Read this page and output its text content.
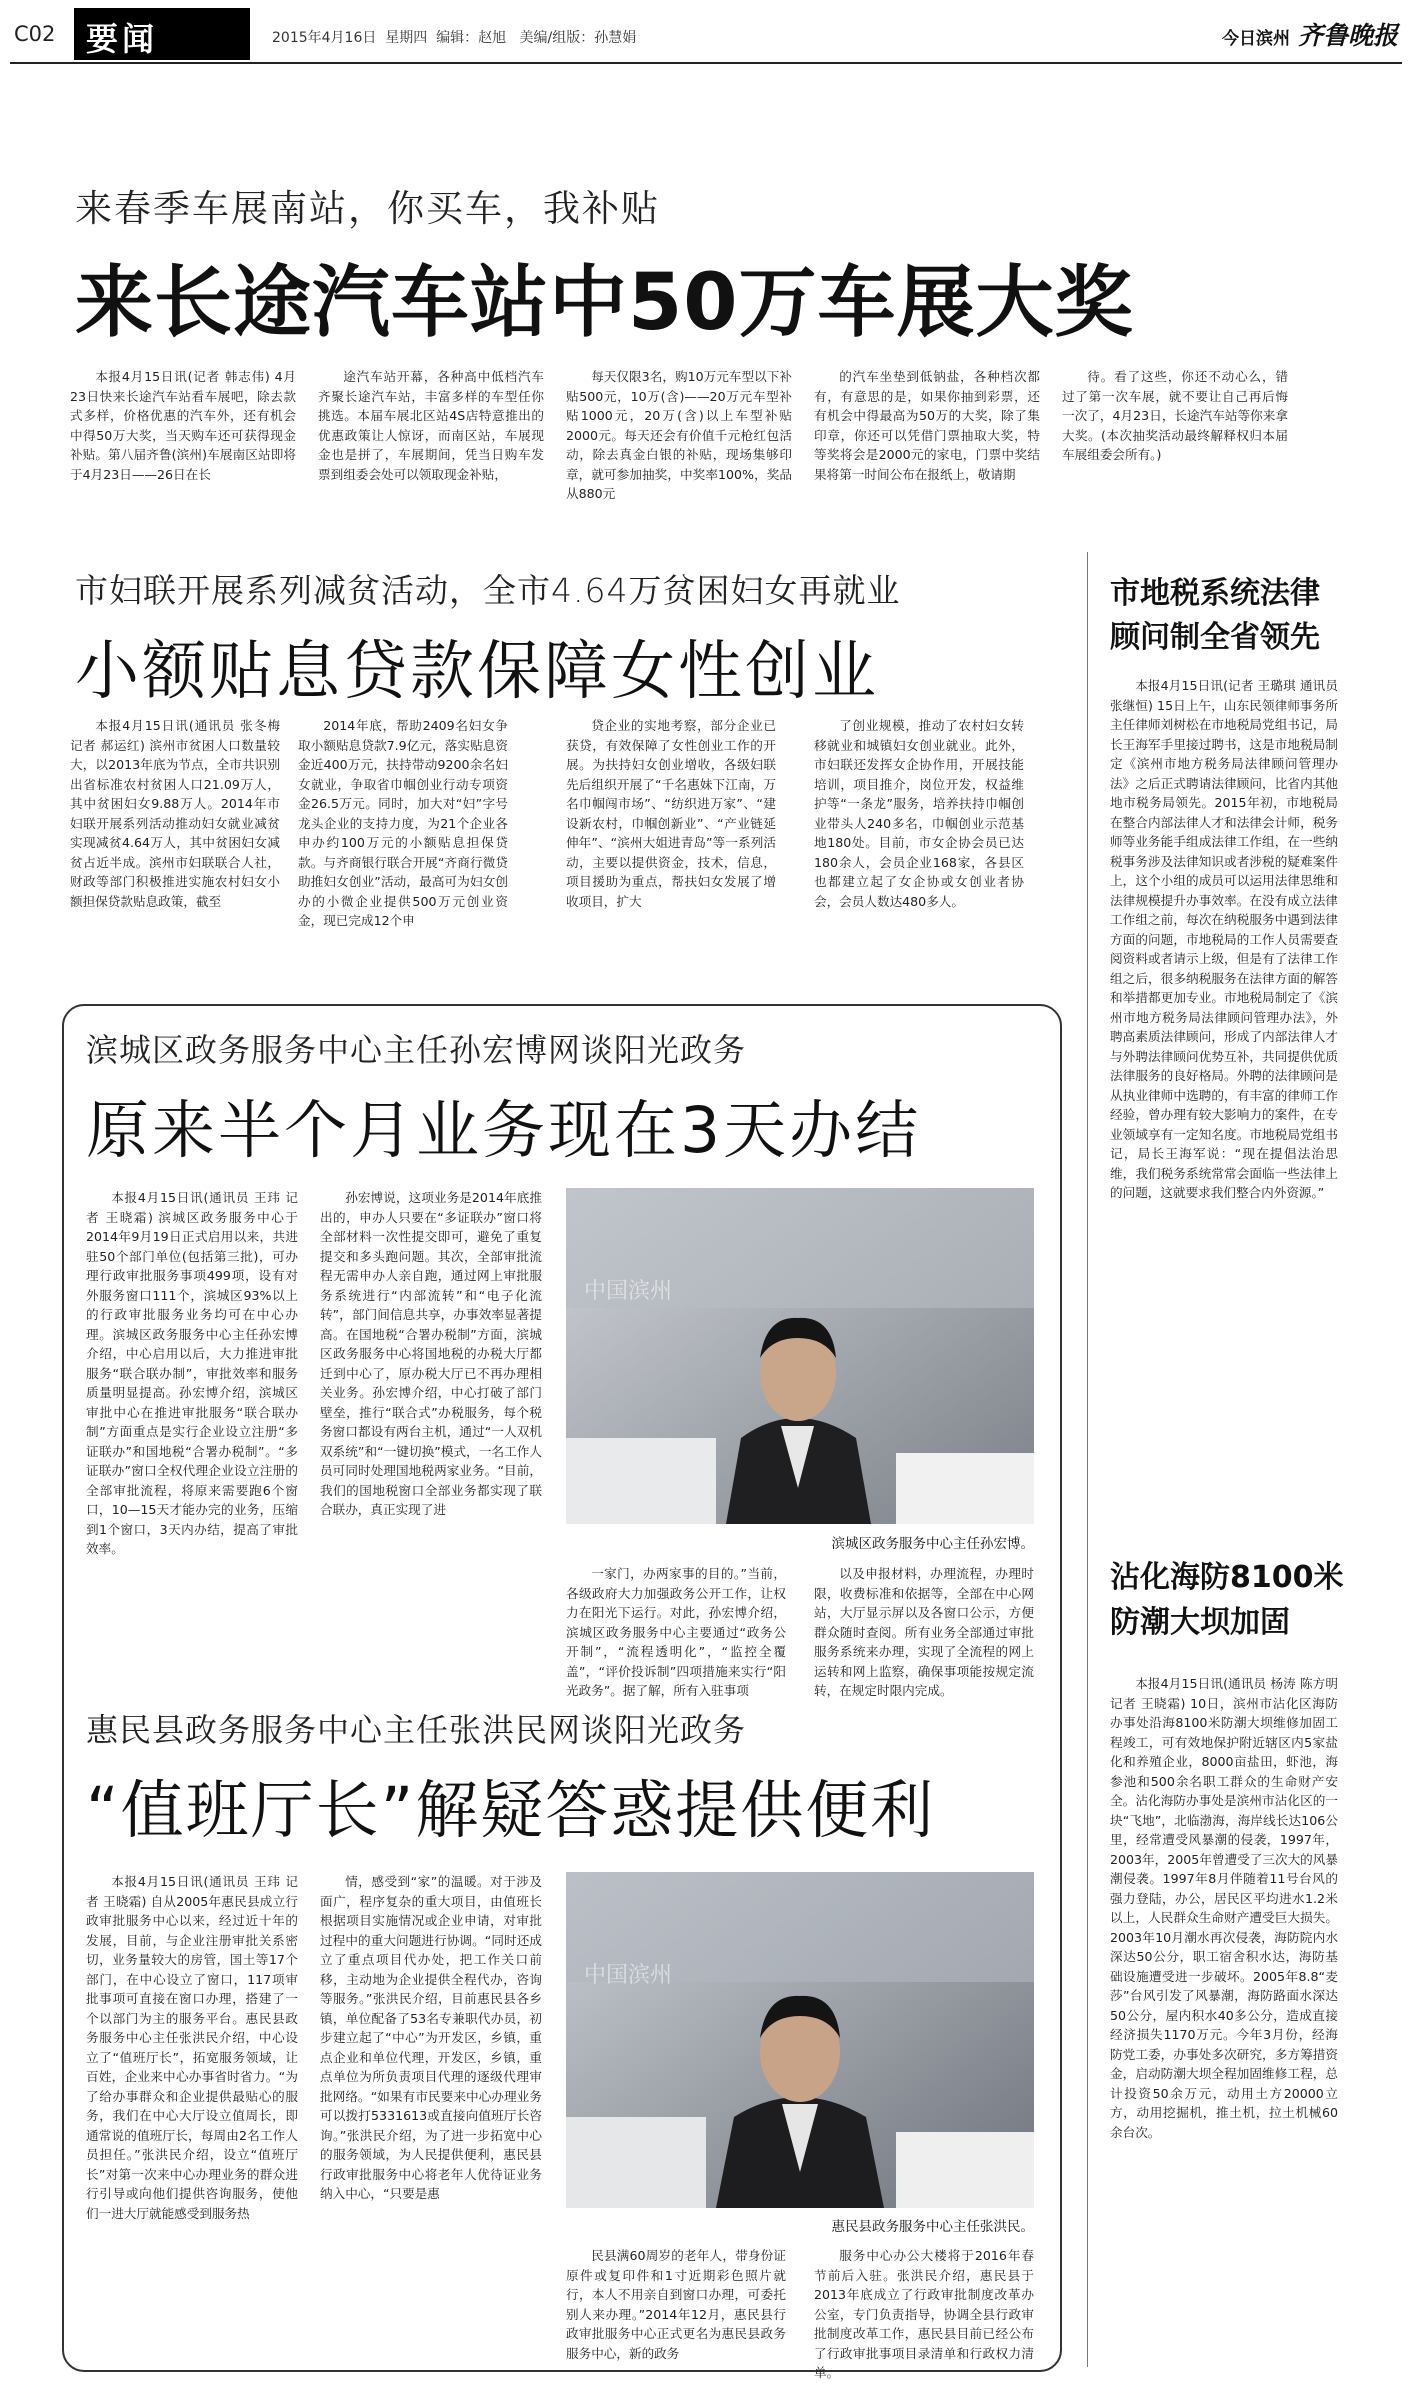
C02 要闻	2015年4月16日 星期四 编辑：赵旭 美编/组版：孙慧娟	今日滨州 齐鲁晚报
来春季车展南站，你买车，我补贴
来长途汽车站中50万车展大奖

本报4月15日讯(记者 韩志伟) 4月23日快来长途汽车站看车展吧，除去款式多样，价格优惠的汽车外，还有机会中得50万大奖，当天购车还可获得现金补贴。第八届齐鲁(滨州)车展南区站即将于4月23日——26日在长

途汽车站开幕，各种高中低档汽车齐聚长途汽车站，丰富多样的车型任你挑选。本届车展北区站4S店特意推出的优惠政策让人惊讶，而南区站，车展现金也是拼了，车展期间，凭当日购车发票到组委会处可以领取现金补贴，

每天仅限3名，购10万元车型以下补贴500元，10万(含)——20万元车型补贴1000元，20万(含)以上车型补贴2000元。每天还会有价值千元枪红包活动，除去真金白银的补贴，现场集够印章，就可参加抽奖，中奖率100%，奖品从880元

的汽车坐垫到低钠盐，各种档次都有，有意思的是，如果你抽到彩票，还有机会中得最高为50万的大奖，除了集印章，你还可以凭借门票抽取大奖，特等奖将会是2000元的家电，门票中奖结果将第一时间公布在报纸上，敬请期

待。看了这些，你还不动心么，错过了第一次车展，就不要让自己再后悔一次了，4月23日，长途汽车站等你来拿大奖。(本次抽奖活动最终解释权归本届车展组委会所有。)

市妇联开展系列减贫活动，全市4.64万贫困妇女再就业
小额贴息贷款保障女性创业

本报4月15日讯(通讯员 张冬梅 记者 郝运红) 滨州市贫困人口数量较大，以2013年底为节点，全市共识别出省标准农村贫困人口21.09万人，其中贫困妇女9.88万人。2014年市妇联开展系列活动推动妇女就业减贫实现减贫4.64万人，其中贫困妇女减贫占近半成。滨州市妇联联合人社，财政等部门积极推进实施农村妇女小额担保贷款贴息政策，截至

2014年底，帮助2409名妇女争取小额贴息贷款7.9亿元，落实贴息资金近400万元，扶持带动9200余名妇女就业，争取省巾帼创业行动专项资金26.5万元。同时，加大对“妇”字号龙头企业的支持力度，为21个企业各申办约100万元的小额贴息担保贷款。与齐商银行联合开展“齐商行微贷助推妇女创业”活动，最高可为妇女创办的小微企业提供500万元创业资金，现已完成12个申

贷企业的实地考察，部分企业已获贷，有效保障了女性创业工作的开展。为扶持妇女创业增收，各级妇联先后组织开展了“千名惠妹下江南，万名巾帼闯市场”、“纺织进万家”、“建设新农村，巾帼创新业”、“产业链延伸年”、“滨州大姐进青岛”等一系列活动，主要以提供资金，技术，信息，项目援助为重点，帮扶妇女发展了增收项目，扩大

了创业规模，推动了农村妇女转移就业和城镇妇女创业就业。此外，市妇联还发挥女企协作用，开展技能培训，项目推介，岗位开发，权益维护等“一条龙”服务，培养扶持巾帼创业带头人240多名，巾帼创业示范基地180处。目前，市女企协会员已达180余人，会员企业168家，各县区也都建立起了女企协或女创业者协会，会员人数达480多人。

滨城区政务服务中心主任孙宏博网谈阳光政务
原来半个月业务现在3天办结

本报4月15日讯(通讯员 王玮 记者 王晓霜) 滨城区政务服务中心于2014年9月19日正式启用以来，共进驻50个部门单位(包括第三批)，可办理行政审批服务事项499项，设有对外服务窗口111个，滨城区93%以上的行政审批服务业务均可在中心办理。滨城区政务服务中心主任孙宏博介绍，中心启用以后，大力推进审批服务“联合联办制”，审批效率和服务质量明显提高。孙宏博介绍，滨城区审批中心在推进审批服务“联合联办制”方面重点是实行企业设立注册“多证联办”和国地税“合署办税制”。“多证联办”窗口全权代理企业设立注册的全部审批流程，将原来需要跑6个窗口，10—15天才能办完的业务，压缩到1个窗口，3天内办结，提高了审批效率。

孙宏博说，这项业务是2014年底推出的，申办人只要在“多证联办”窗口将全部材料一次性提交即可，避免了重复提交和多头跑问题。其次，全部审批流程无需申办人亲自跑，通过网上审批服务系统进行“内部流转”和“电子化流转”，部门间信息共享，办事效率显著提高。在国地税“合署办税制”方面，滨城区政务服务中心将国地税的办税大厅都迁到中心了，原办税大厅已不再办理相关业务。孙宏博介绍，中心打破了部门壁垒，推行“联合式”办税服务，每个税务窗口都设有两台主机，通过“一人双机双系统”和“一键切换”模式，一名工作人员可同时处理国地税两家业务。“目前，我们的国地税窗口全部业务都实现了联合联办，真正实现了进

中国滨州
滨城区政务服务中心主任孙宏博。

一家门，办两家事的目的。”当前，各级政府大力加强政务公开工作，让权力在阳光下运行。对此，孙宏博介绍，滨城区政务服务中心主要通过“政务公开制”，“流程透明化”，“监控全覆盖”，“评价投诉制”四项措施来实行“阳光政务”。据了解，所有入驻事项

以及申报材料，办理流程，办理时限，收费标准和依据等，全部在中心网站，大厅显示屏以及各窗口公示，方便群众随时查阅。所有业务全部通过审批服务系统来办理，实现了全流程的网上运转和网上监察，确保事项能按规定流转，在规定时限内完成。

惠民县政务服务中心主任张洪民网谈阳光政务
“值班厅长”解疑答惑提供便利

本报4月15日讯(通讯员 王玮 记者 王晓霜) 自从2005年惠民县成立行政审批服务中心以来，经过近十年的发展，目前，与企业注册审批关系密切，业务量较大的房管，国土等17个部门，在中心设立了窗口，117项审批事项可直接在窗口办理，搭建了一个以部门为主的服务平台。惠民县政务服务中心主任张洪民介绍，中心设立了“值班厅长”，拓宽服务领域，让百姓，企业来中心办事省时省力。“为了给办事群众和企业提供最贴心的服务，我们在中心大厅设立值周长，即通常说的值班厅长，每周由2名工作人员担任。”张洪民介绍，设立“值班厅长”对第一次来中心办理业务的群众进行引导或向他们提供咨询服务，使他们一进大厅就能感受到服务热

情，感受到“家”的温暖。对于涉及面广，程序复杂的重大项目，由值班长根据项目实施情况或企业申请，对审批过程中的重大问题进行协调。“同时还成立了重点项目代办处，把工作关口前移，主动地为企业提供全程代办，咨询等服务。”张洪民介绍，目前惠民县各乡镇，单位配备了53名专兼职代办员，初步建立起了“中心”为开发区，乡镇，重点企业和单位代理，开发区，乡镇，重点单位为所负责项目代理的逐级代理审批网络。“如果有市民要来中心办理业务可以拨打5331613或直接向值班厅长咨询。”张洪民介绍，为了进一步拓宽中心的服务领域，为人民提供便利，惠民县行政审批服务中心将老年人优待证业务纳入中心，“只要是惠

中国滨州
惠民县政务服务中心主任张洪民。

民县满60周岁的老年人，带身份证原件或复印件和1寸近期彩色照片就行，本人不用亲自到窗口办理，可委托别人来办理。”2014年12月，惠民县行政审批服务中心正式更名为惠民县政务服务中心，新的政务

服务中心办公大楼将于2016年春节前后入驻。张洪民介绍，惠民县于2013年底成立了行政审批制度改革办公室，专门负责指导，协调全县行政审批制度改革工作，惠民县目前已经公布了行政审批事项目录清单和行政权力清单。

市地税系统法律
顾问制全省领先

本报4月15日讯(记者 王璐琪 通讯员 张继恒) 15日上午，山东民领律师事务所主任律师刘树松在市地税局党组书记，局长王海军手里接过聘书，这是市地税局制定《滨州市地方税务局法律顾问管理办法》之后正式聘请法律顾问，比省内其他地市税务局领先。2015年初，市地税局在整合内部法律人才和法律会计师，税务师等业务能手组成法律工作组，在一些纳税事务涉及法律知识或者涉税的疑难案件上，这个小组的成员可以运用法律思维和法律规模提升办事效率。在没有成立法律工作组之前，每次在纳税服务中遇到法律方面的问题，市地税局的工作人员需要查阅资料或者请示上级，但是有了法律工作组之后，很多纳税服务在法律方面的解答和举措都更加专业。市地税局制定了《滨州市地方税务局法律顾问管理办法》，外聘高素质法律顾问，形成了内部法律人才与外聘法律顾问优势互补，共同提供优质法律服务的良好格局。外聘的法律顾问是从执业律师中选聘的，有丰富的律师工作经验，曾办理有较大影响力的案件，在专业领域享有一定知名度。市地税局党组书记，局长王海军说：“现在提倡法治思维，我们税务系统常常会面临一些法律上的问题，这就要求我们整合内外资源。”

沾化海防8100米
防潮大坝加固

本报4月15日讯(通讯员 杨涛 陈方明 记者 王晓霜) 10日，滨州市沾化区海防办事处沿海8100米防潮大坝维修加固工程竣工，可有效地保护附近辖区内5家盐化和养殖企业，8000亩盐田，虾池，海参池和500余名职工群众的生命财产安全。沾化海防办事处是滨州市沾化区的一块“飞地”，北临渤海，海岸线长达106公里，经常遭受风暴潮的侵袭，1997年，2003年，2005年曾遭受了三次大的风暴潮侵袭。1997年8月伴随着11号台风的强力登陆，办公，居民区平均进水1.2米以上，人民群众生命财产遭受巨大损失。2003年10月潮水再次侵袭，海防院内水深达50公分，职工宿舍积水达，海防基础设施遭受进一步破坏。2005年8.8“麦莎”台风引发了风暴潮，海防路面水深达50公分，屋内积水40多公分，造成直接经济损失1170万元。今年3月份，经海防党工委，办事处多次研究，多方筹措资金，启动防潮大坝全程加固维修工程，总计投资50余万元，动用土方20000立方，动用挖掘机，推土机，拉土机械60余台次。
